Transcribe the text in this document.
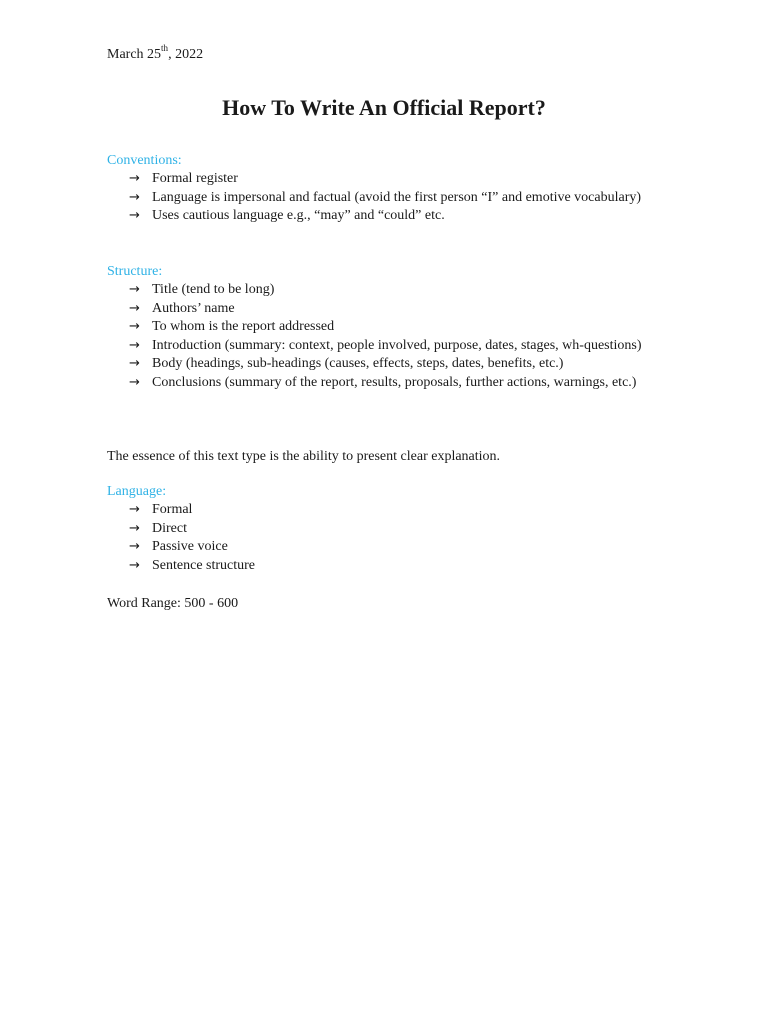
March 25th, 2022
How To Write An Official Report?
Conventions:
→ Formal register
→ Language is impersonal and factual (avoid the first person “I” and emotive vocabulary)
→ Uses cautious language e.g., “may” and “could” etc.
Structure:
→ Title (tend to be long)
→ Authors’ name
→ To whom is the report addressed
→ Introduction (summary: context, people involved, purpose, dates, stages, wh-questions)
→ Body (headings, sub-headings (causes, effects, steps, dates, benefits, etc.)
→ Conclusions (summary of the report, results, proposals, further actions, warnings, etc.)
The essence of this text type is the ability to present clear explanation.
Language:
→ Formal
→ Direct
→ Passive voice
→ Sentence structure
Word Range: 500 - 600
